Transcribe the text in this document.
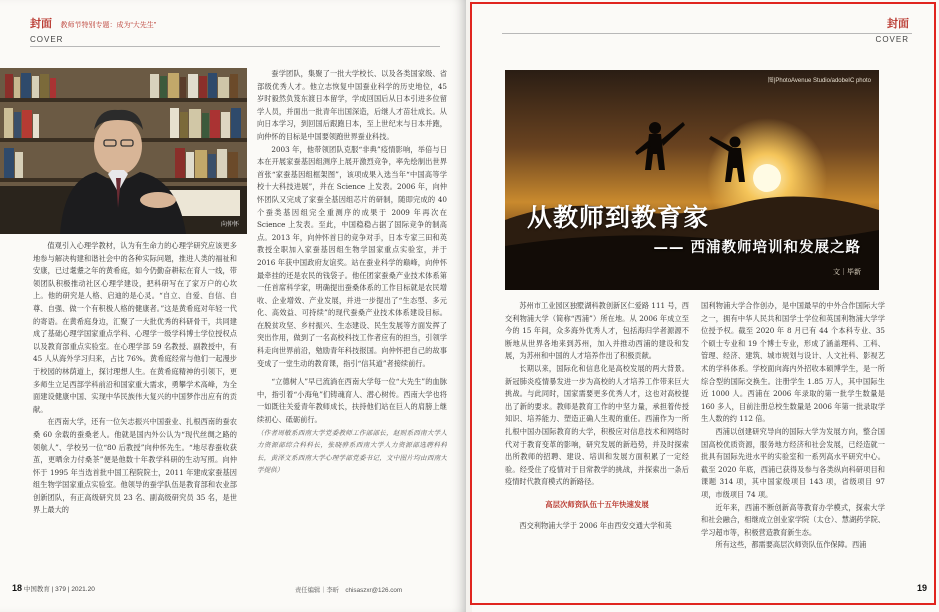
封面 教师节特别专题：成为“大先生”
COVER
向仲怀

值观引入心理学教材，认为有生命力的心理学研究应该更多地参与解决构建和谐社会中的各种实际问题，推进人类的福祉和安康，已过耄耋之年的黄希庭，如今仍勤奋耕耘在育人一线，带领团队积极推动社区心理学建设，把科研写在了家万户的心坎上。他的研究是人格、启迪的是心灵。“自立、自爱、自信、自尊、自强、做一个有积极人格的健康者。”这是黄希庭对年轻一代的寄语。在黄希庭身边，汇聚了一大批优秀的科研骨干，共同建成了基础心理学国家重点学科、心理学一级学科博士学位授权点以及教育部重点实验室。在心理学部 59 名教授、副教授中，有 45 人从海外学习归来，占比 76%。黄希庭经常与他们一起漫步于校园的林荫道上，探讨理想人生。在黄希庭精神的引领下，更多师生立足西部学科前沿和国家重大需求，勇攀学术高峰，为全面建设健康中国、实现中华民族伟大复兴的中国梦作出应有的贡献。

在西南大学，还有一位矢志振兴中国蚕业、扎根西南的蚕农桑 60 余载的蚕桑老人。他就是国内外公认为“现代丝绸之路的领航人”、学校另一位“80 后教授”向仲怀先生。“地尽春蚕收获茧，更晒余力付桑茶”便是他数十年教学科研的生动写照。向仲怀于 1995 年当选首批中国工程院院士，2011 年建成家蚕基因组生物学国家重点实验室。他领导的蚕学队伍是教育部和农业部创新团队，有正高级研究员 23 名、副高级研究员 35 名，是世界上最大的

蚕学团队，集聚了一批大学校长、以及各类国家级、省部级优秀人才。他立志恢复中国蚕业科学的历史地位，45 岁时毅然负笈东渡日本留学，学成回国后从日本引进多位留学人员，并面出一批青年出国深造，后继人才苗壮成长。从向日本学习，到回国后跟跑日本，至上世纪末与日本并跑，向仲怀的目标是中国要领跑世界蚕业科技。

2003 年，他带领团队克服“非典”疫情影响，举倍与日本在开展家蚕基因组测序上展开激烈竞争，率先绘制出世界首张“家蚕基因组框架图”，该项成果入选当年“中国高等学校十大科技进展”，并在 Science 上发表。2006 年，向仲怀团队又完成了家蚕全基因组芯片的研制，随即完成的 40 个蚕类基因组完全重测序的成果于 2009 年再次在 Science 上发表。至此，中国稳稳占据了国际竞争的制高点。2013 年，向仲怀首日的竞争对手，日本专家三田和英教授全职加入家蚕基因组生物学国家重点实验室，并于 2016 年获中国政府友谊奖。站在蚕业科学的巅峰，向仲怀最牵挂的还是农民的钱袋子。他任团家蚕桑产业技术体系第一任首席科学家，明确提出蚕桑体系的工作目标就是农民增收、企业增效、产业发展，并进一步提出了“生态型、多元化、高效益、可持续”的现代蚕桑产业技术体系建设目标。在脱贫攻坚、乡村振兴、生态建设、民生发展等方面发挥了突出作用，做到了一名高校科技工作者应有的担当，引领学科走向世界前沿，勉励青年科技报国。向仲怀把自己的故事变成了一堂生动的教育课，指引“信其道”者接续前行。

“立德树人”早已流淌在西南大学每一位“大先生”的血脉中，指引着“小海龟”们铸魂育人、潜心树传。西南大学也将一如既往关爱青年教师成长，扶持他们站在巨人的肩膀上继续初心、砥砺前行。

（作者周敏系西南大学党委教师工作部部长，赵则系西南大学人力资源部综合科科长，张晓骅系西南大学人力资源部选聘科科长，黄泽文系西南大学心理学部党委书记，文中图片均由西南大学提供）

18 中国教育 | 379 | 2021.20	责任编辑｜李昕　chisaszxr@126.com
封面
COVER
图|PhotoAvenue Studio/adobeIC photo
从教师到教育家
—— 西浦教师培训和发展之路
文｜毕新

苏州市工业园区独墅湖科教创新区仁爱路 111 号，西交利物浦大学（简称“西浦”）所在地。从 2006 年成立至今的 15 年间，众多海外优秀人才，包括海归学者源源不断地从世界各地来到苏州，加入并推动西浦的建设和发展，为苏州和中国的人才培养作出了积极贡献。

长期以来，国际化和信息化是高校发展的两大背景。新冠肺炎疫情暴发进一步为高校的人才培养工作带来巨大挑战。与此同时，国家需要更多优秀人才，这也对高校提出了新的要求。教师是教育工作的中坚力量，承担着传授知识、培养能力、塑造正确人生观的重任。西浦作为一所扎根中国办国际教育的大学，积极应对信息技术和网络时代对于教育变革的影响，研究发展的新趋势，并及时探索出所教师的招聘、建设、培训和发展方面积累了一定经验。经受住了疫情对于目常教学的挑战，并探索出一条后疫情时代教育模式的新路径。

高层次师资队伍十五年快速发展

西交利物浦大学于 2006 年由西安交通大学和英

国利物浦大学合作创办，是中国最早的中外合作国际大学之一，拥有中华人民共和国学士学位和英国利物浦大学学位授予权。截至 2020 年 8 月已有 44 个本科专业、35 个硕士专业和 19 个博士专业，形成了涵盖理科、工科、管理、经济、建筑、城市规划与设计、人文社科、影视艺术的学科体系。学校面向海内外招收本硕博学生，是一所综合型的国际交换生。注册学生 1.85 万人，其中国际生近 1000 人。西浦在 2006 年录取的第一批学生数量是 160 多人，目前注册总校生数量是 2006 年第一批录取学生人数的约 112 倍。

西浦以创建研究导向的国际大学为发展方向，整合国国高校优质资源，服务地方经济和社会发展，已经造就一批具有国际先进水平的实验室和一系列高水平研究中心。截至 2020 年底，西浦已获得及参与各类纵向科研项目和课题 314 项，其中国家级项目 143 项，省级项目 97 项，市级项目 74 项。

近年来，西浦不断创新高等教育办学模式，探索大学和社会融合，相继成立创业家学院（太仓）、慧湖药学院、学习超市等，积极营造教育新生态。

所有这些，都需要高层次师资队伍作保障。西浦

19
